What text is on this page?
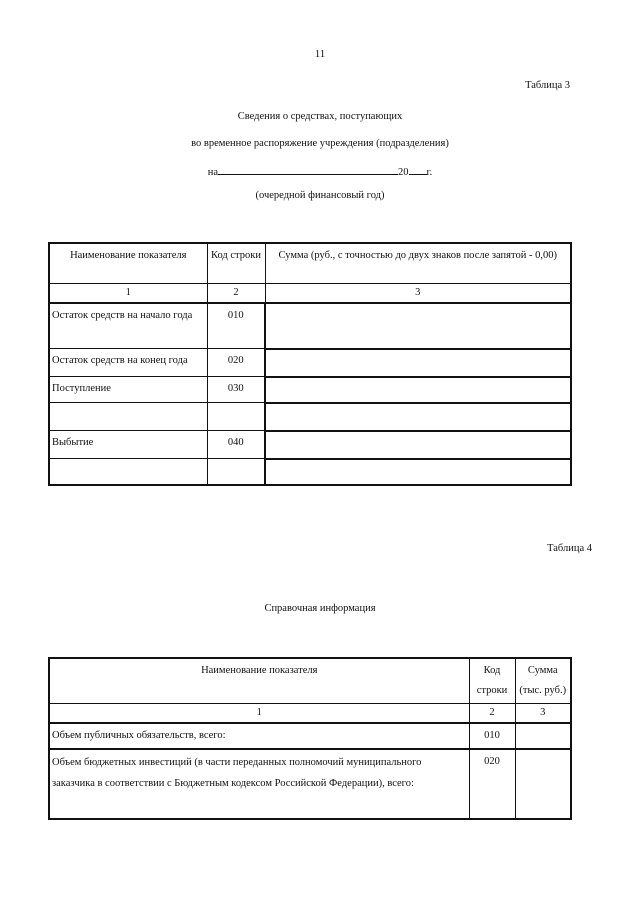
11
Таблица 3
Сведения о средствах, поступающих
во временное распоряжение учреждения (подразделения)
на	20 г.
(очередной финансовый год)
Наименование показателя	Код строки	Сумма (руб., с точностью до двух знаков после запятой - 0,00)
1	2	3
Остаток средств на начало года	010	
Остаток средств на конец года	020	
Поступление	030	

Выбытие	040	

Таблица 4
Справочная информация
Наименование показателя	Код строки	Сумма (тыс. руб.)
1	2	3
Объем публичных обязательств, всего:	010	
Объем бюджетных инвестиций (в части переданных полномочий муниципального заказчика в соответствии с Бюджетным кодексом Российской Федерации), всего:	020	
